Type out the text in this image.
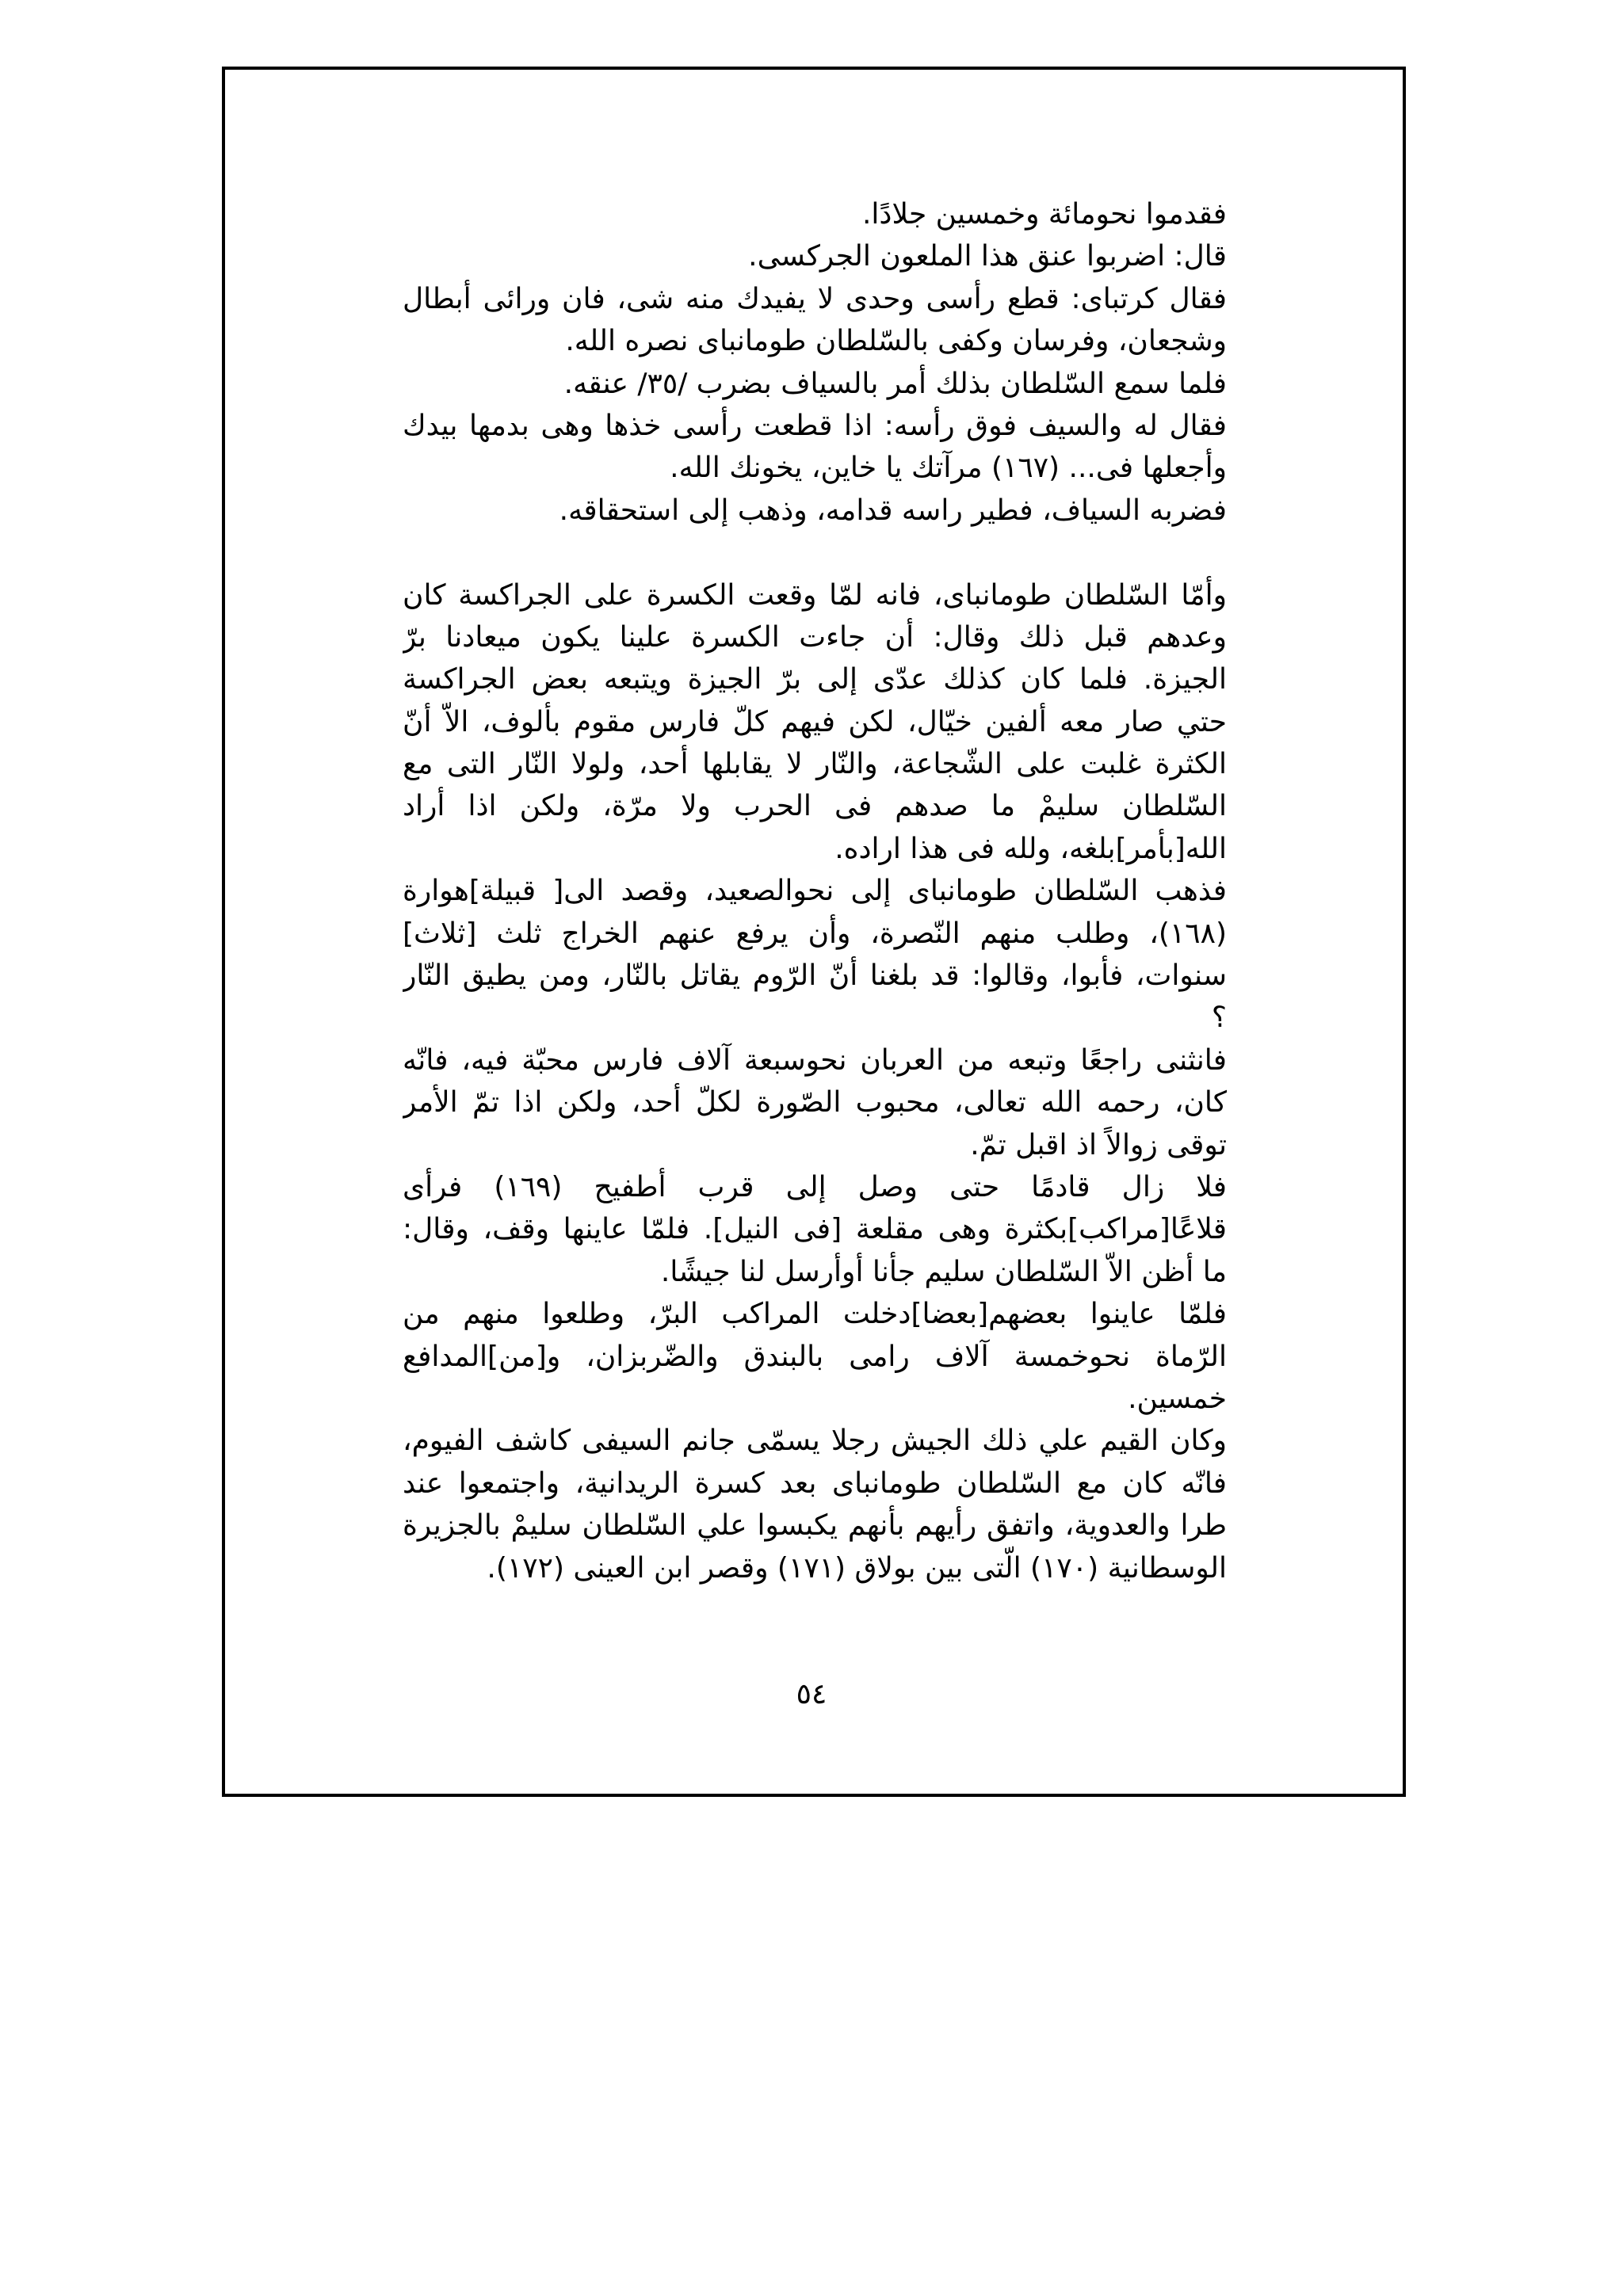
فقدموا نحومائة وخمسين جلادًا.
قال: اضربوا عنق هذا الملعون الجركسى.
فقال كرتباى: قطع رأسى وحدى لا يفيدك منه شى، فان ورائى أبطال
وشجعان، وفرسان وكفى بالسّلطان طومانباى نصره الله.
فلما سمع السّلطان بذلك أمر بالسياف بضرب /٣٥/ عنقه.
فقال له والسيف فوق رأسه: اذا قطعت رأسى خذها وهى بدمها بيدك
وأجعلها فى... (١٦٧) مرآتك يا خاين، يخونك الله.
فضربه السياف، فطير راسه قدامه، وذهب إلى استحقاقه.
وأمّا السّلطان طومانباى، فانه لمّا وقعت الكسرة على الجراكسة كان
وعدهم قبل ذلك وقال: أن جاءت الكسرة علينا يكون ميعادنا برّ
الجيزة. فلما كان كذلك عدّى إلى برّ الجيزة ويتبعه بعض الجراكسة
حتي صار معه ألفين خيّال، لكن فيهم كلّ فارس مقوم بألوف، الاّ أنّ
الكثرة غلبت على الشّجاعة، والنّار لا يقابلها أحد، ولولا النّار التى مع
السّلطان سليمْ ما صدهم فى الحرب ولا مرّة، ولكن اذا أراد
الله[بأمر]بلغه، ولله فى هذا اراده.
فذهب السّلطان طومانباى إلى نحوالصعيد، وقصد الى[ قبيلة]هوارة
(١٦٨)، وطلب منهم النّصرة، وأن يرفع عنهم الخراج ثلث [ثلاث]
سنوات، فأبوا، وقالوا: قد بلغنا أنّ الرّوم يقاتل بالنّار، ومن يطيق النّار
؟
فانثنى راجعًا وتبعه من العربان نحوسبعة آلاف فارس محبّة فيه، فانّه
كان، رحمه الله تعالى، محبوب الصّورة لكلّ أحد، ولكن اذا تمّ الأمر
توقى زوالاً اذ اقبل تمّ.
فلا زال قادمًا حتى وصل إلى قرب أطفيح (١٦٩) فرأى
قلاعًا[مراكب]بكثرة وهى مقلعة [فى النيل]. فلمّا عاينها وقف، وقال:
ما أظن الاّ السّلطان سليم جأنا أوأرسل لنا جيشًا.
فلمّا عاينوا بعضهم[بعضا]دخلت المراكب البرّ، وطلعوا منهم من
الرّماة نحوخمسة آلاف رامى بالبندق والضّربزان، و[من]المدافع
خمسين.
وكان القيم علي ذلك الجيش رجلا يسمّى جانم السيفى كاشف الفيوم،
فانّه كان مع السّلطان طومانباى بعد كسرة الريدانية، واجتمعوا عند
طرا والعدوية، واتفق رأيهم بأنهم يكبسوا علي السّلطان سليمْ بالجزيرة
الوسطانية (١٧٠) الّتى بين بولاق (١٧١) وقصر ابن العينى (١٧٢).
٥٤
